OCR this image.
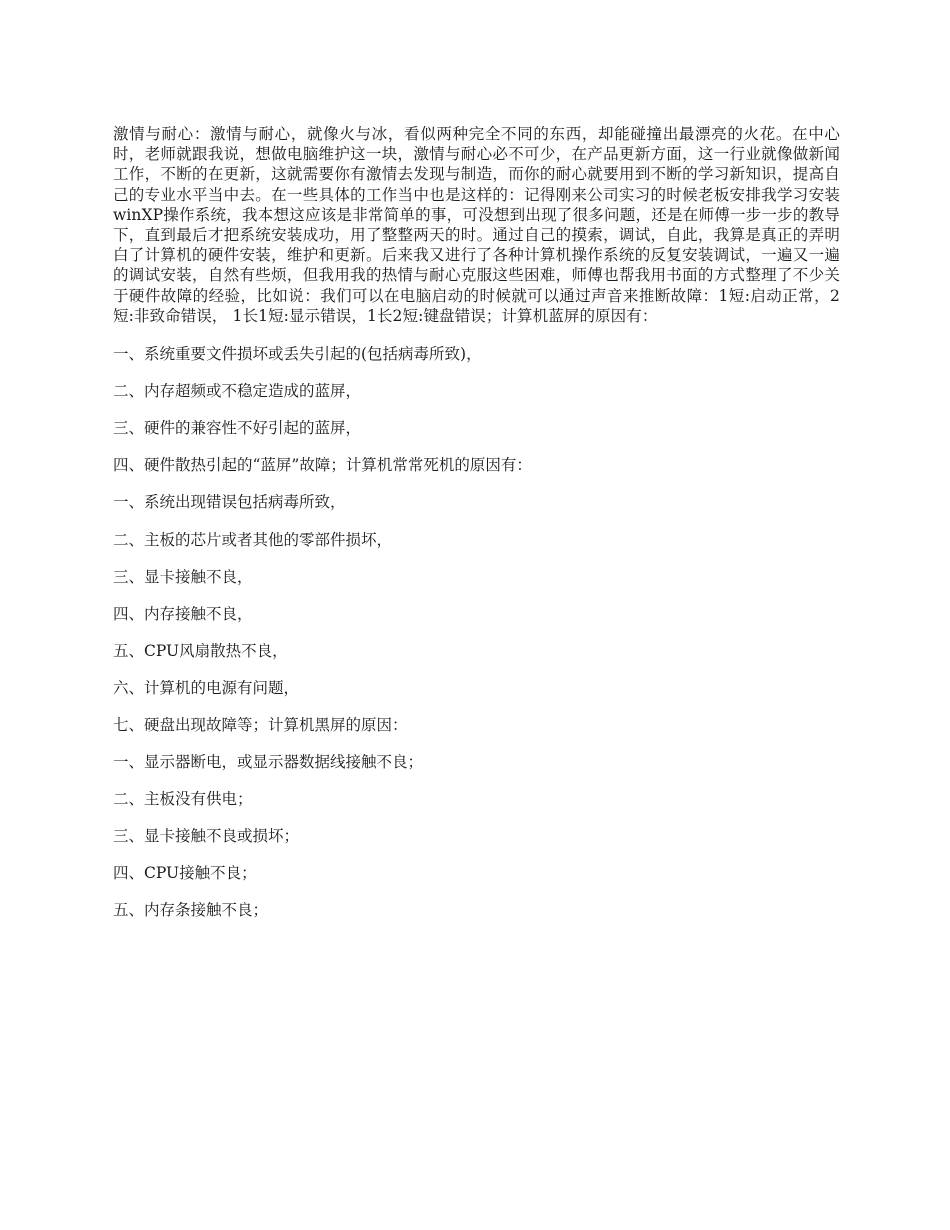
激情与耐心：激情与耐心，就像火与冰，看似两种完全不同的东西，却能碰撞出最漂亮的火花。在中心时，老师就跟我说，想做电脑维护这一块，激情与耐心必不可少，在产品更新方面，这一行业就像做新闻工作，不断的在更新，这就需要你有激情去发现与制造，而你的耐心就要用到不断的学习新知识，提高自己的专业水平当中去。在一些具体的工作当中也是这样的：记得刚来公司实习的时候老板安排我学习安装winXP操作系统，我本想这应该是非常简单的事，可没想到出现了很多问题，还是在师傅一步一步的教导下，直到最后才把系统安装成功，用了整整两天的时。通过自己的摸索，调试，自此，我算是真正的弄明白了计算机的硬件安装，维护和更新。后来我又进行了各种计算机操作系统的反复安装调试，一遍又一遍的调试安装，自然有些烦，但我用我的热情与耐心克服这些困难，师傅也帮我用书面的方式整理了不少关于硬件故障的经验，比如说：我们可以在电脑启动的时候就可以通过声音来推断故障：1短:启动正常，2短:非致命错误， 1长1短:显示错误，1长2短:键盘错误；计算机蓝屏的原因有：

一、系统重要文件损坏或丢失引起的(包括病毒所致)，
二、内存超频或不稳定造成的蓝屏，
三、硬件的兼容性不好引起的蓝屏，
四、硬件散热引起的“蓝屏”故障；计算机常常死机的原因有：
一、系统出现错误包括病毒所致，
二、主板的芯片或者其他的零部件损坏，
三、显卡接触不良，
四、内存接触不良，
五、CPU风扇散热不良，
六、计算机的电源有问题，
七、硬盘出现故障等；计算机黑屏的原因：
一、显示器断电，或显示器数据线接触不良；
二、主板没有供电；
三、显卡接触不良或损坏；
四、CPU接触不良；
五、内存条接触不良；
